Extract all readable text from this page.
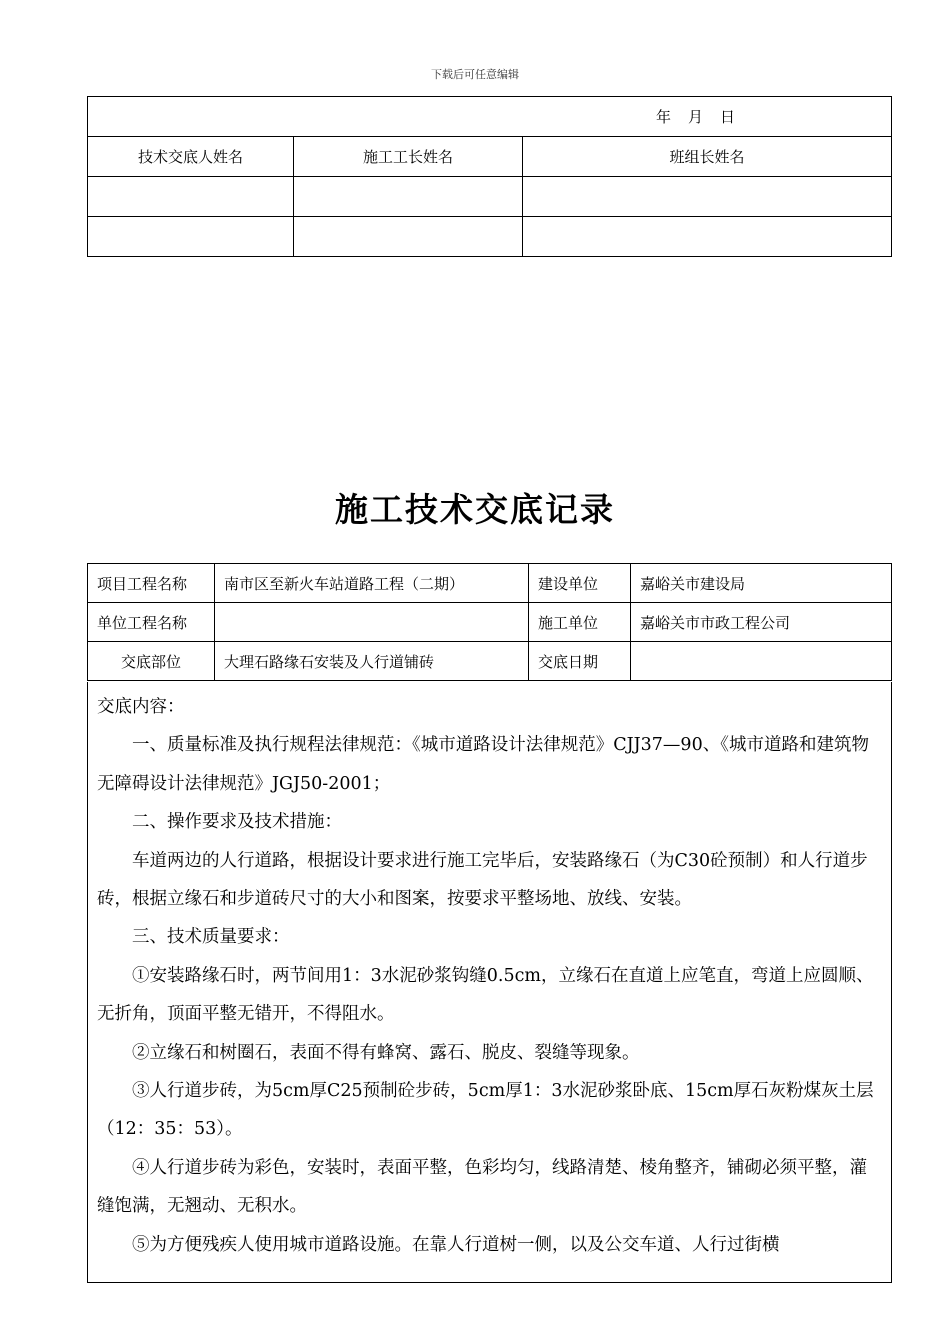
下载后可任意编辑
年　月　日		
技术交底人姓名	施工工长姓名	班组长姓名

施工技术交底记录
项目工程名称	南市区至新火车站道路工程（二期）	建设单位	嘉峪关市建设局
单位工程名称		施工单位	嘉峪关市市政工程公司
交底部位	大理石路缘石安装及人行道铺砖	交底日期	

交底内容：

一、质量标准及执行规程法律规范：《城市道路设计法律规范》CJJ37—90、《城市道路和建筑物无障碍设计法律规范》JGJ50-2001；

二、操作要求及技术措施：

车道两边的人行道路，根据设计要求进行施工完毕后，安装路缘石（为C30砼预制）和人行道步砖，根据立缘石和步道砖尺寸的大小和图案，按要求平整场地、放线、安装。

三、技术质量要求：

①安装路缘石时，两节间用1：3水泥砂浆钩缝0.5cm，立缘石在直道上应笔直，弯道上应圆顺、无折角，顶面平整无错开，不得阻水。

②立缘石和树圈石，表面不得有蜂窝、露石、脱皮、裂缝等现象。

③人行道步砖，为5cm厚C25预制砼步砖，5cm厚1：3水泥砂浆卧底、15cm厚石灰粉煤灰土层（12：35：53）。

④人行道步砖为彩色，安装时，表面平整，色彩均匀，线路清楚、棱角整齐，铺砌必须平整，灌缝饱满，无翘动、无积水。

⑤为方便残疾人使用城市道路设施。在靠人行道树一侧，以及公交车道、人行过街横
